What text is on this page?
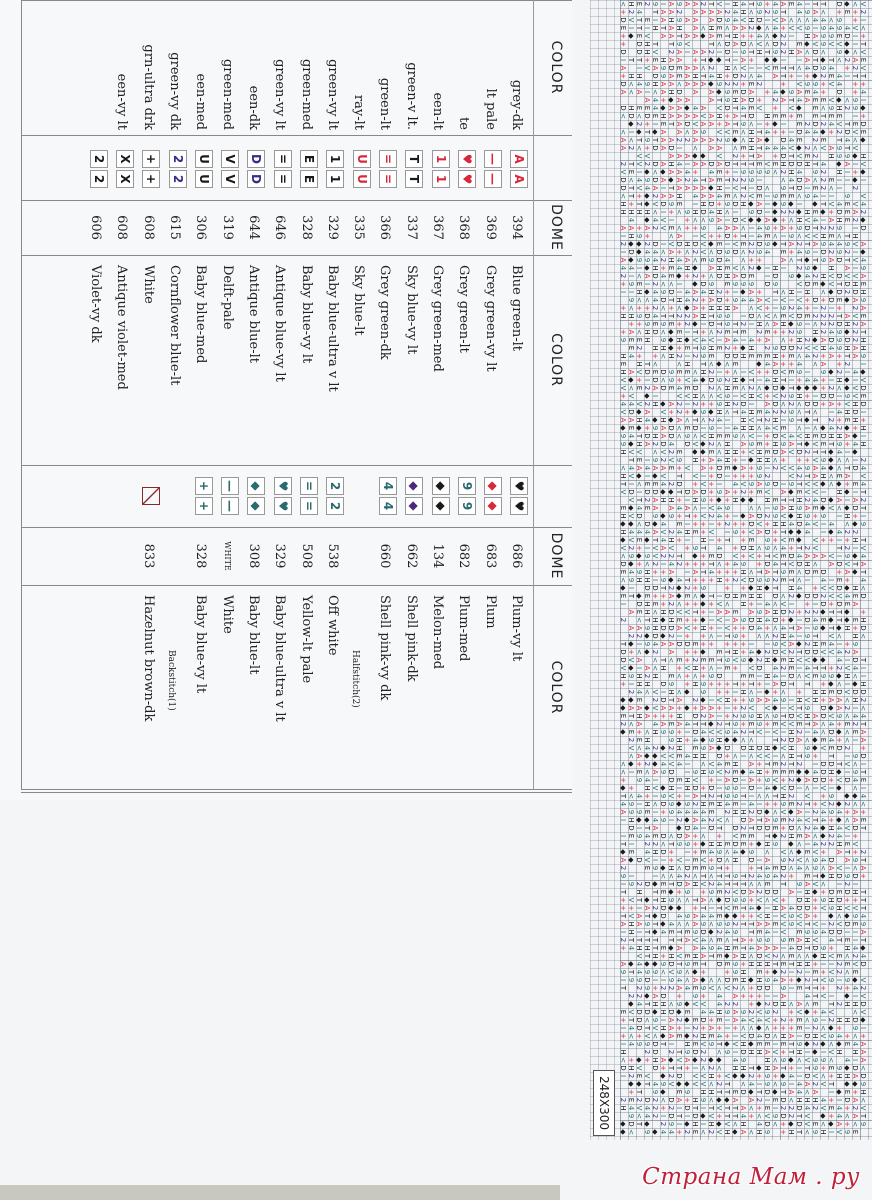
COLOR
DOME
COLOR
DOME
COLOR
grey-dk
lt pale
te
een-lt
green-v lt.
green-lt
ray-lt
green-vy lt
green-med
green-vy lt
een-dk
green-med
een-med
green-vy dk
grn-ultra drk
een-vy lt
AA
——
♥♥
11
TT
==
UU
11
EE
==
DD
VV
UU
22
++
XX
22
394
Blue green-lt
369
Grey green-vy lt
368
Grey green-lt
367
Grey green-med
337
Sky blue-vy lt
366
Grey green-dk
335
Sky blue-lt
329
Baby blue-ultra v lt
328
Baby blue-vy lt
646
Antique blue-vy lt
644
Antique blue-lt
319
Delft-pale
306
Baby blue-med
615
Cornflower blue-lt
608
White
608
Antique violet-med
606
Violet-vy dk
♥♥
◆◆
99
◆◆
◆◆
44
22
==
♥♥
◆◆
——
++
686
Plum-vy lt
683
Plum
682
Plum-med
134
Melon-med
662
Shell pink-dk
660
Shell pink-vy dk
538
Off white
508
Yellow-lt pale
329
Baby blue-ultra v lt
308
Baby blue-lt
WHITE
White
328
Baby blue-vy lt
833
Hazelnut brown-dk	Halfstitch(2)
Backstitch(1)
< H E 2 9 I A 9 A A 2 T V I H 4 T 9 + 4 A E 4 I T T D ◆ < V
+ 2 4 T A A 2 A A A A 2 4 H < 9 2 9 T 4 9 A < + E + 2
D V T E I A H 9 A A A D 9 4 V H D I V A < < < 4 4 < 9 + I
E I T I H T A H A < H E < A A 2 ◆ < 4 + V V 9 I 9 4 9 4 V <
+ ◆ E V A A T A A ◆ A E T H + + 4 < ◆ 2 I H A 9 9 E D I +
+ D H T T 9 V T < D A D < V < D 2 E ◆ V 9 V V ◆ I T
D D H V 2 A I A A 2 I D I 9 T H T 9 2 H A < D < 9 ◆ < V
I T T + E H A A + T ◆ ◆ T I A + ◆ ◆ I I A T ◆ T < 2 A E
A I V A 9 D E A A < 2 H < V I I V E T T < 4 D 9 4 + 2 V
+ H H D 9 A E A H T 4 H + D 2 < 4 A T + I + ◆ 2 E 4 I T T
D < 4 9 H A A < A A A ◆ 9 2 2 + E 2 + V 9 9 + V 4 + +
A < A I < A H D A A ◆ 9 E D A + 4 ◆ 9 A E 4 + D + 4
A 4 + ◆ A A A T 9 H A D + 2 A T 4 A E E V ◆ < 9 I
D H E E 4 ◆ A A ◆ 4 A V D T 4 E V + V ◆ E < 9 H 2 9 ◆
< D < D E H A A A A V A H + A T D H E E + E E T E E I +
◆ 2 + I E T A D V A A + A T 9 < I + ◆ I E 2 D 2 4 V T E D
< I ◆ T ◆ A A < A 9 V V E < H T 4 + + I D 4 4 ◆ + 2 D V E
A < T 9 T A A 2 2 A A A 2 9 ◆ < H A ◆ D 4 E 2 E T 4 < ◆
A 2 < + D A D I < A A < E H T 4 4 4 V ◆ 2 < V A 9 T V
V V A A A ◆ ◆ V 2 + T A + D T V E 2 H 9 9 ◆ H
2 T V 2 D A H 4 I A A D A D T T T E V E H D D H T 4 ◆ A I V
V E I ◆ < ◆ A A 4 + 4 E + I 9 9 9 9 < 2 H 4 9 2 H I + ◆
D < 4 9 D A ◆ A 2 4 T A E T 2 2 9 I < 4 D A < 2 E I I ◆ I
D T V 4 A I T A A A A ◆ H I V T I D < 9 T D I E 2 < I 2
< T + ◆ 2 A A H 4 A A 4 E < 2 V E I 9 E E < 9 4 I I 9 V
H + T ◆ V D 9 E I H D + 9 D H ◆ A I ◆ 9 ◆ I ◆ T V 4 E V 4
H H H H < I + < 9 H D 4 H < I 9 D I ◆ 2 2 ◆ H E ◆ + D E A 2
4 ◆ 4 V I + < < 9 A I D V ◆ ◆ A ◆ + < H V 4 I A H E 2 ◆
A A + A 2 V E < + + 9 4 A A < I 4 9 + A + 9 D T 2 2 9 I D
I H 9 + < A I V + + D + T I 4 E < I 9 < V V H E < T H
2 ◆ ◆ 2 D I V D H D V ◆ E I V E 2 D 9 ◆ T A 2 T A 9 4 4 9 V A
I D ◆ 4 4 < A + < 2 V < D 9 D < 2 9 4 E + 4 9 I D 2 9 2 I ◆
A ◆ 9 9 4 2 H 4 A < E 9 D 4 < + + A < T ◆ T 9 A D T V 4
4 4 I ◆ H + E 4 H ◆ A H E V < 2 ◆ I H I 2 9 ◆ H A I 9
2 I < A D 4 E ◆ + 2 + < D H A D E I D 9 ◆ 4 2 H V D V V A
+ 9 E I 2 < < I ◆ D 9 E 9 9 9 D 9 V D E ◆ V T D H E
I I H ◆ 4 9 D I 4 A 4 H 2 + I ◆ A + T < H I H < ◆ D 2 D H
9 < < 4 D T H 4 2 + A D + 9 4 4 A V I V I V + D + D E ◆ A 9
+ < + + 2 < + < ◆ A + H H H A < V + I 9 2 4 + I 2 I + 2 A
H H 9 D 4 T T 2 2 A H T 9 9 I D < V < E V D E 2 2 2 T A V E
+ + 9 E 9 E + 2 ◆ I D T 9 T 2 I H < A H ◆ 9 I < 2 2 D H 2 A
+ A < H D < ◆ E I T + < 2 E T E 2 E + + 2 9 H 2 4 9 ◆ 2 T
9 E E H 9 ◆ H ◆ V 4 V I A 4 I 4 + A < + H 2 ◆ A D 9 D 2 H
E 2 H H ◆ + E T 9 H E 2 + ◆ H 2 9 D D 2 V V H 4 9 H A H
H 4 + + < H 2 I 2 9 E D D H E E E H + E < 4 2 + A + T A 9
E H T < < H T < ◆ < E ◆ 4 A + + 4 < A + 2 I
H A V D E D 9 E E < H 2 I + < I V + + D V E 9 I 9 ◆ 2 I 4 ◆
V ◆ + I D < 9 + V 4 ◆ D 9 2 H ◆ T I 4 H T I + 4 4 + I H ◆ I V
V < E 2 A D E 4 E D 2 < H E < 2 < ◆ D ◆ T ◆ ◆ ◆ + 2 < ◆ V D
+ V ◆ I V V H < < V 9 I V H V + V 2 9 H + I D D I 9 V E
4 4 V 2 H ◆ A 2 I 2 + + 9 H 2 D I A D < 2 < D D + A + V H D
V D ◆ A V + 2 + ◆ 9 ◆ H < T 4 H E 4 2 2 9 < T < I 4 H D I
A A H 4 ◆ H ◆ A < T < 2 4 I H V T 2 H I 9 T ◆ T 2 + E H +
◆ E ◆ + 9 A D < E D I 9 I I 4 H H < 4 V E < I < ◆ 4 2 ◆ + H
9 4 T D H A D < 9 < V H E E 9 < V I + D V 4 V H E D H H A ◆ I
9 ◆ H A 2 D 4 D V ◆ 2 < H A 9 E + H 9 A T ◆ V E T 9 + 4 H
H V V < V 2 E ◆ ◆ E < H H + V H E D A V D 2 T T ◆ 4 I ◆
T E I 9 2 V 9 H + A 4 H + I ◆ H H < + + + V 9 ◆ < < I 2
< 4 A 4 A A E + V A + D E ◆ A + 9 I 2 V V 4 9 A 4 ◆ < T D 4
H V ◆ I ◆ V T V I + D I + + + 9 2 V 2 T A H < E A V
T I < E E 4 2 D + V + I 4 V 9 A 9 D I 9 T V V ◆ < ◆ + E 4
V D I D D ◆ ◆ T D A D + 9 A + 2 + E V A ◆ E V V I H ◆ I T
V T 2 A H H + I H 9 + ◆ + H ◆ ◆ H E T T H 2 4 D ◆ A I A 2
E ◆ 4 E A A 4 A < I V 4 9 < < I 9 A H 9 A E ◆ V < ◆ D T
H V D 9 ◆ 9 + T + V 2 4 + I ◆ A D 2 9 V ◆ H 9 + 9 I H + I
◆ ◆ < D ◆ 4 E I + + I + 2 + + D V + H H 4 D 4 V I 4 < ◆ 9
H 4 4 4 A V 2 4 H E + V I 9 + V A D + T ◆ ◆ 4 I ◆ 4 2 2
◆ V E ◆ T 4 H + I H I + T + E 9 + V E ◆ V + + I + H T
V 2 + I V A V + 9 T 4 + D H < 9 < 4 + T 2 V T 2 I V
< 9 ◆ 9 V 2 2 T ◆ + E D V + V + T V E D 4 A A A V I 9 ◆ 4
D ◆ + < 2 I 4 2 + + + T < + 4 9 + D 4 T V D H < A D V T A
E 4 9 H + + A I A T 4 + + + H < T A T 9 E < D E D + A ◆ T
< 9 H H I 9 ◆ 4 T + + + H + 2 V D 9 9 2 E T < I 4 I E + 4
◆ I D D T 2 ◆ 2 + 9 + + ◆ H ◆ T H 4 + V V D ◆ H <
E T ◆ E + + A ◆ E < ◆ T I D H E H H D < 2 ◆ D D 2 V V 4 E D
I D H E + 2 < + + ◆ + V < H + I 4 < V I + I D + D E A
A E H < H D V V T + I A A E A 9 A H D 2 + 2 2 ◆ T T ◆ +
2 < T H ◆ H E + + ◆ I V I A 9 D H 4 D + ◆ I D 4 E ◆ T ◆ E H
A A 9 H D D A V + H + I V + + D 4 + < 4 T A I 9 ◆ T ◆ H + D
2 2 ◆ D ◆ 2 I + + < I T 9 + < < 2 H 4 I 9 T V < H <
T ◆ I 9 4 A A D D E + + + + + I I 9 V A ◆ 2 H E 4 I + 9
D + < ◆ 2 A + + ◆ E T H + 4 ◆ 2 D V 2 T D D V V 4 2 A
D V A < T < E + 2 E E T 9 V 9 ◆ 2 H ◆ E H V V ◆ ◆ 4 I D T
V ◆ I A < H + V H + < I E + V D 4 2 E I 4 T T + 2 V 4 I
H 9 H 2 H E < + < + 9 D E E I H 4 I D < V E 9 9 ◆ H < I
+ I H H D 9 + H 9 + + + T + T + I A D T T + ◆ < I ◆ H
2 4 < V I H < ◆ 9 + + I H < I ◆ + < + H H E D V D D
◆ ◆ E 2 D T A 2 ◆ I V H + + 9 A A 4 9 I H V H + A A < H 2
◆ A A ◆ V A A + ◆ + A A + I + 2 V V ◆ I V T 9 D ◆ A 2 I <
E T H A + + + H D 2 A I + 2 9 9 H < 9 T D V H A D V 9 < 4 4
2 < A 4 A E A 4 T T ◆ 2 T 9 + E 9 + E V V E T A < 4 + E 2 T
◆ E + < H 9 9 + I D 4 V V 9 4 2 T V I V I H 2 I 4 < D ◆ < E A
2 E H 9 H + 4 ◆ 9 H ◆ ◆ < < T 2 D A < ◆ E 4 + < I A
V < 4 2 ◆ 2 H E 9 A ◆ D D H D H ◆ V H 9 ◆ V E D 2 +
< A ◆ ◆ V V E 4 H H D + < I < V V I < H T 9 + T I 9 D
< ◆ + 2 ◆ 4 V 4 I < V 4 E H A + T E 2 T 2 I D D T V < I
< I E < A 9 D I 9 H 9 V 2 E ◆ 4 H + E E E ◆ ◆ 4 D H ◆ I 9 T
+ 9 4 I D E H V + I A D I A + 9 V + 2 ◆ A D D + V D 4 E
◆ + H V ◆ H I H D + D I 9 9 I D I 4 ◆ V D I < I V I ◆ < I
T < 4 + I 9 V + I A T 2 T 9 9 T I < < T H 2 V + 9 ◆ ◆ 4
4 9 I H < D 9 ◆ 9 2 H E H 4 E I 4 I + + 9 E 2 T + V 2 ◆ 2 < <
A 9 9 E I + 9 4 4 4 4 E 2 H H 2 D ◆ < V ◆ A I 2 4 9 4 + A +
I H ◆ ◆ 4 9 I 2 ◆ A 4 2 V < D A T A 9 E 2 4 V T 4 + ◆ < A E
D I T A ◆ D 4 I D T D 2 T D D E + D < 2 4 ◆ H 4 V D T
I E 9 4 E D < D A + < + V E E T ◆ 2 H E A < ◆ 2 4 I +
T I 2 2 < T 9 9 + ◆ H H E D E + ◆ H 9 ◆ < I 4 2 2 H E V
◆ E 4 H D + I + E 4 9 < 4 ◆ 9 < V < ◆ E V + A T + 2
A ◆ D V I I + V I E V + D < H D I A 9 2 V < 9 4 D A 9 T
2 E 9 ◆ H < D E E 9 T + + T 4 E D < 4 < 9 < A V I < A
9 I I < < 4 2 < T < T T 9 T 2 4 9 4 2 + E T ◆ H D 9 D +
I 9 2 D ◆ E T D A H V 2 4 T T T < < E T 9 A V < I 2 I
T H T E ◆ + 9 + 9 E 2 V D A 2 D D A I H ◆ + D E D H T
+ V T ◆ T H 9 < < T A < ◆ D 9 9 + V < V + D H + 9 H D + + T
+ + I A 2 D ◆ ◆ + T I T V E T 4 ◆ I H A 4 D D + V 9 H V V T
T V A T ◆ D 4 9 A 4 4 E ◆ ◆ + + V H I V 9 V A + ◆ < ◆ 9 4
A H A 9 T ◆ 4 < < A 9 < 9 9 2 T T A A E V 9 V T V I 2 V D E 9
I H I T ◆ 4 E T E 9 D ◆ 2 4 9 T E 4 I V E 9 9 4 D D I I A
2 T T T T T T A V 4 < E < T A + 9 9 9 E A H V 4 T E I T
+ 4 H H T E ◆ A A 4 9 4 H E T 4 A A A I 4 D T D 9 + H 4 ◆
V T H + H V E H A T E ◆ A H < D V 2 < E < < ◆ H V E < 2 4
A ◆ 4 ◆ ◆ 9 D T 9 E T D E 9 + H H H T E T H H + I I 2 E V D
9 T 4 9 9 < V 9 < ◆ + + 9 H E + ◆ 2 I 2 I E + V 2 < E
I 9 9 D I I 9 4 < A ◆ < < D E H ◆ H 9 4 A + ◆ 2 T V 9 I 9 ◆ V
T 2 9 + 2 2 A 4 E 9 V < V 2 < + D D 9 I E T T + 2 + 4 2
2 2 ◆ A D + 9 + 4 A + + + I I A 4 T V I ◆ I V
◆ 4 T H H < 9 ◆ V V 4 2 2 + ◆ 2 D H < A < E T 2 H H D
E V D D ◆ H D ◆ E 4 4 H 9 A 9 2 V 9 2 + V ◆ + 4 V < V
+ T D < 9 I A 2 ◆ E D + E I A 4 V 4 V + 2 + E < 9 I 2 H H D ◆
I 4 D T V H A + I 2 + A + I + < < ◆ < + + + E I 2 < ◆ + 9 I
+ < + V < ◆ A E ◆ 2 H E 4 + I V D 4 D < H A I D H V 9 4 + < +
I 4 9 9 D T I H E V 9 T ◆ V H ◆ E E I E T 9 ◆ 2 ◆ < ◆ E 4 A
H 2 D 2 T 9 D 2 < 9 I D H H A V + T H I ◆ I V H H A
< + ◆ + H A ◆ V A ◆ 2 ◆ ◆ 4 9 H < 9 ◆ < V 9 9 < 4 I A
D H V D + T T + I < 2 < H H T ◆ H A T + I T 9 + E 9 ◆ D <
I 2 E V ◆ 2 D V V H + V ◆ ◆ 2 + 9 + ◆ 4 I D V < + H H A D
◆ ◆ T 4 9 V ◆ ◆ V V < 2 T < 4 I 9 < 9 I 4 A 2 V T ◆ ◆ 9
+ T 9 ◆ E 9 H H T T E D ◆ T D ◆ T A 4 < A I ◆ E + H
2 E 2 D 2 < D A + H 9 < ◆ ◆ A A 2 I E D < H H H 4 + I D A <
H 4 V 4 2 + 2 I D T I T V T T A < + E I 2 2 D 4 2 V E 4 + 2 V
9 < 4 2 I D T I D ◆ V + T T 4 + < V 9 D 2 T V ◆ + 4 < A T
◆ D T ◆ 2 9 I ◆ H I H ◆ V < H 4 D < + ◆ D V E < ◆ A + < 9
◆ < 9 ◆ 4 4 + 2 E < 2 V H ◆ A < H 9 + H T < 9 H I V 9 E
248X300
Страна Мам . ру
